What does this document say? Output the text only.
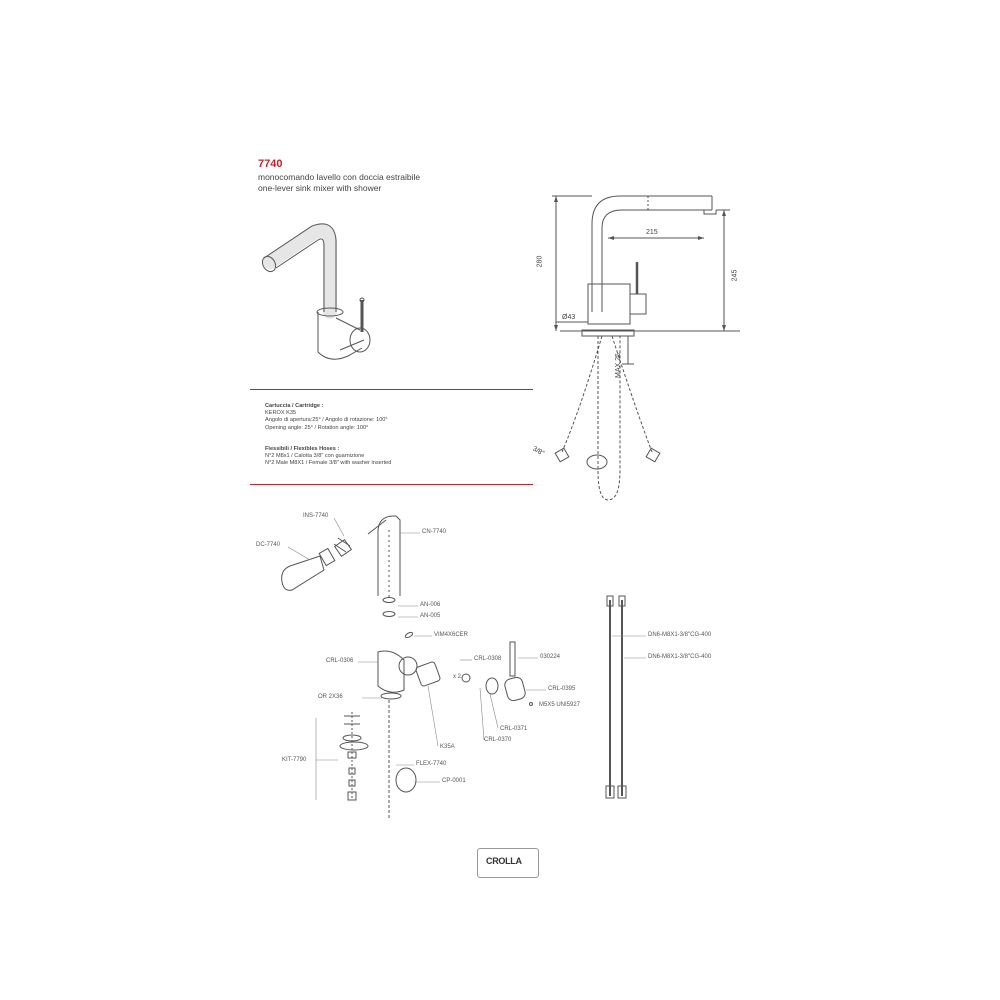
7740
monocomando lavello con doccia estraibile
one-lever sink mixer with shower
Cartuccia / Cartridge :
KEROX K35
Angolo di apertura:25° / Angolo di rotazione: 100°
Opening angle: 25° / Rotation angle: 100°
Flessibili / Flexibles Hoses :
N°2 M8x1 / Calotta 3/8" con guarnizione
N°2 Male M8X1 / Female 3/8" with washer inserted
215
280
245
Ø43
MAX 25
3/8"
INS-7740
CN-7740
DC-7740
AN-006
AN-005
VIM4X6CER
CRL-0306	CRL-0308	030224
x 2
CRL-0395
OR 2X36
M5X5 UNI5927
CRL-0371
CRL-0370
K35A
KIT-7790
FLEX-7740
CP-0001
DN6-M8X1-3/8"CG-400
DN6-M8X1-3/8"CG-400
CROLLA
